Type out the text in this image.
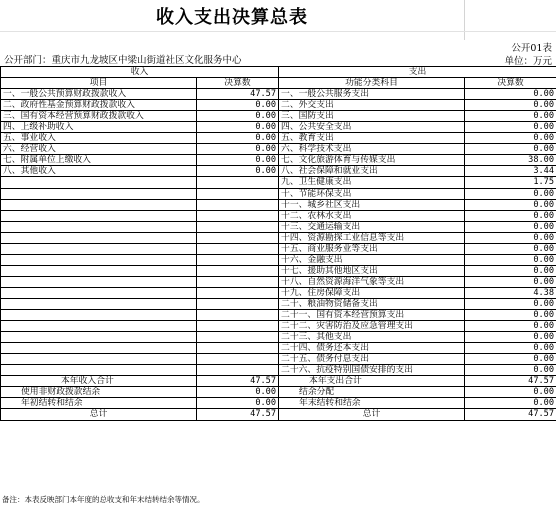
收入支出决算总表
公开部门：重庆市九龙坡区中梁山街道社区文化服务中心
公开01表
单位：万元
收入		支出	
项目	决算数	功能分类科目	决算数
一、一般公共预算财政拨款收入	47.57	一、一般公共服务支出	0.00
二、政府性基金预算财政拨款收入	0.00	二、外交支出	0.00
三、国有资本经营预算财政拨款收入	0.00	三、国防支出	0.00
四、上级补助收入	0.00	四、公共安全支出	0.00
五、事业收入	0.00	五、教育支出	0.00
六、经营收入	0.00	六、科学技术支出	0.00
七、附属单位上缴收入	0.00	七、文化旅游体育与传媒支出	38.00
八、其他收入	0.00	八、社会保障和就业支出	3.44
		九、卫生健康支出	1.75
		十、节能环保支出	0.00
		十一、城乡社区支出	0.00
		十二、农林水支出	0.00
		十三、交通运输支出	0.00
		十四、资源勘探工业信息等支出	0.00
		十五、商业服务业等支出	0.00
		十六、金融支出	0.00
		十七、援助其他地区支出	0.00
		十八、自然资源海洋气象等支出	0.00
		十九、住房保障支出	4.38
		二十、粮油物资储备支出	0.00
		二十一、国有资本经营预算支出	0.00
		二十二、灾害防治及应急管理支出	0.00
		二十三、其他支出	0.00
		二十四、债务还本支出	0.00
		二十五、债务付息支出	0.00
		二十六、抗疫特别国债安排的支出	0.00
本年收入合计	47.57	本年支出合计	47.57
使用非财政拨款结余	0.00	结余分配	0.00
年初结转和结余	0.00	年末结转和结余	0.00
总计	47.57	总计	47.57
备注：本表反映部门本年度的总收支和年末结转结余等情况。
